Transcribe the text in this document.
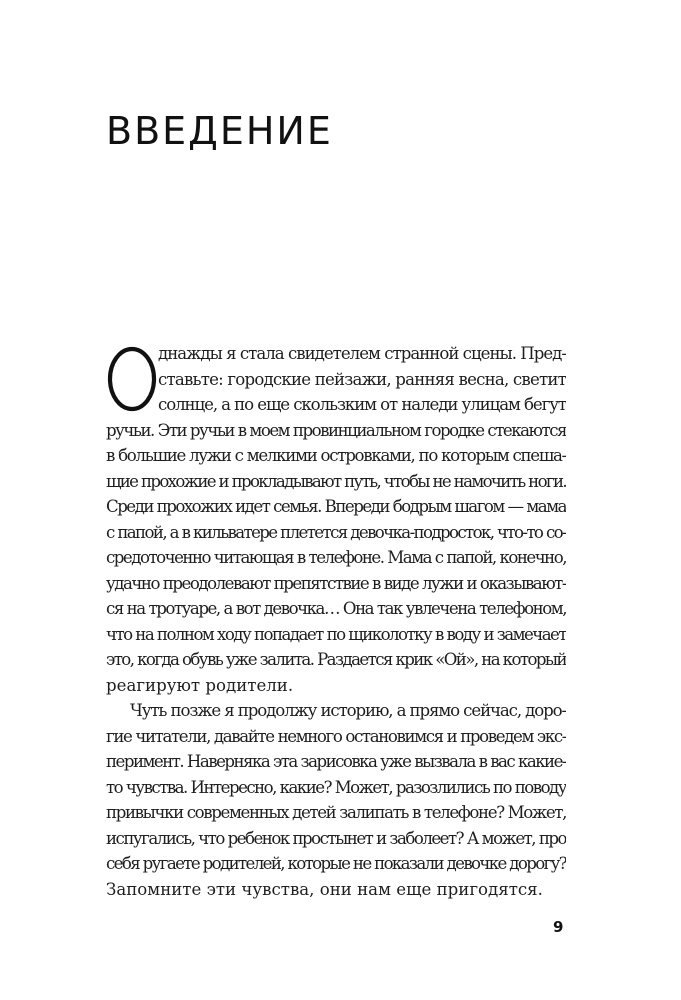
ВВЕДЕНИЕ
днажды я стала свидетелем странной сцены. Пред-
ставьте: городские пейзажи, ранняя весна, светит
солнце, а по еще скользким от наледи улицам бегут
ручьи. Эти ручьи в моем провинциальном городке стекаются
в большие лужи с мелкими островками, по которым спеша-
щие прохожие и прокладывают путь, чтобы не намочить ноги.
Среди прохожих идет семья. Впереди бодрым шагом — мама
с папой, а в кильватере плетется девочка-подросток, что-то со-
средоточенно читающая в телефоне. Мама с папой, конечно,
удачно преодолевают препятствие в виде лужи и оказывают-
ся на тротуаре, а вот девочка… Она так увлечена телефоном,
что на полном ходу попадает по щиколотку в воду и замечает
это, когда обувь уже залита. Раздается крик «Ой», на который
реагируют родители.
Чуть позже я продолжу историю, а прямо сейчас, доро-
гие читатели, давайте немного остановимся и проведем экс-
перимент. Наверняка эта зарисовка уже вызвала в вас какие-
то чувства. Интересно, какие? Может, разозлились по поводу
привычки современных детей залипать в телефоне? Может,
испугались, что ребенок простынет и заболеет? А может, про
себя ругаете родителей, которые не показали девочке дорогу?
Запомните эти чувства, они нам еще пригодятся.
9
